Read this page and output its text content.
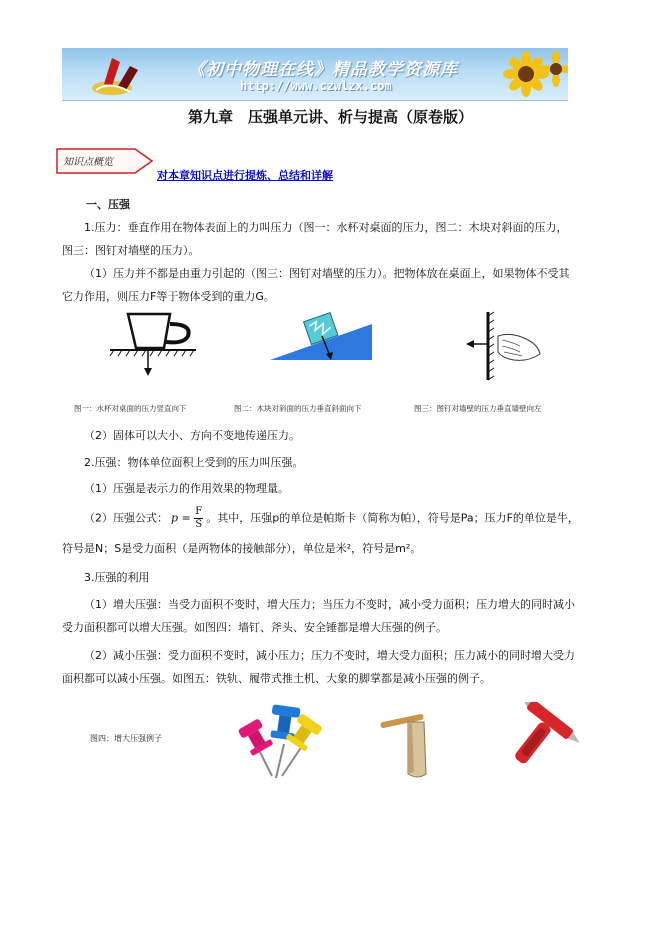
《初中物理在线》精品教学资源库
http://www.czwlzx.com
第九章　压强单元讲、析与提高（原卷版）
知识点概览
对本章知识点进行提炼、总结和详解
一、压强
1.压力：垂直作用在物体表面上的力叫压力（图一：水杯对桌面的压力，图二：木块对斜面的压力，
图三：图钉对墙壁的压力）。
（1）压力并不都是由重力引起的（图三：图钉对墙壁的压力）。把物体放在桌面上，如果物体不受其
它力作用，则压力F等于物体受到的重力G。
图一：水杯对桌面的压力竖直向下	图二：木块对斜面的压力垂直斜面向下	图三：图钉对墙壁的压力垂直墙壁向左
（2）固体可以大小、方向不变地传递压力。
2.压强：物体单位面积上受到的压力叫压强。
（1）压强是表示力的作用效果的物理量。
（2）压强公式： $p = \frac{F}{S}$ 。其中，压强p的单位是帕斯卡（简称为帕），符号是Pa；压力F的单位是牛，
符号是N；S是受力面积（是两物体的接触部分），单位是米²，符号是m²。
3.压强的利用
（1）增大压强：当受力面积不变时，增大压力；当压力不变时，减小受力面积；压力增大的同时减小
受力面积都可以增大压强。如图四：墙钉、斧头、安全锤都是增大压强的例子。
（2）减小压强：受力面积不变时，减小压力；压力不变时，增大受力面积；压力减小的同时增大受力
面积都可以减小压强。如图五：铁轨、履带式推土机、大象的脚掌都是减小压强的例子。
图四：增大压强例子
